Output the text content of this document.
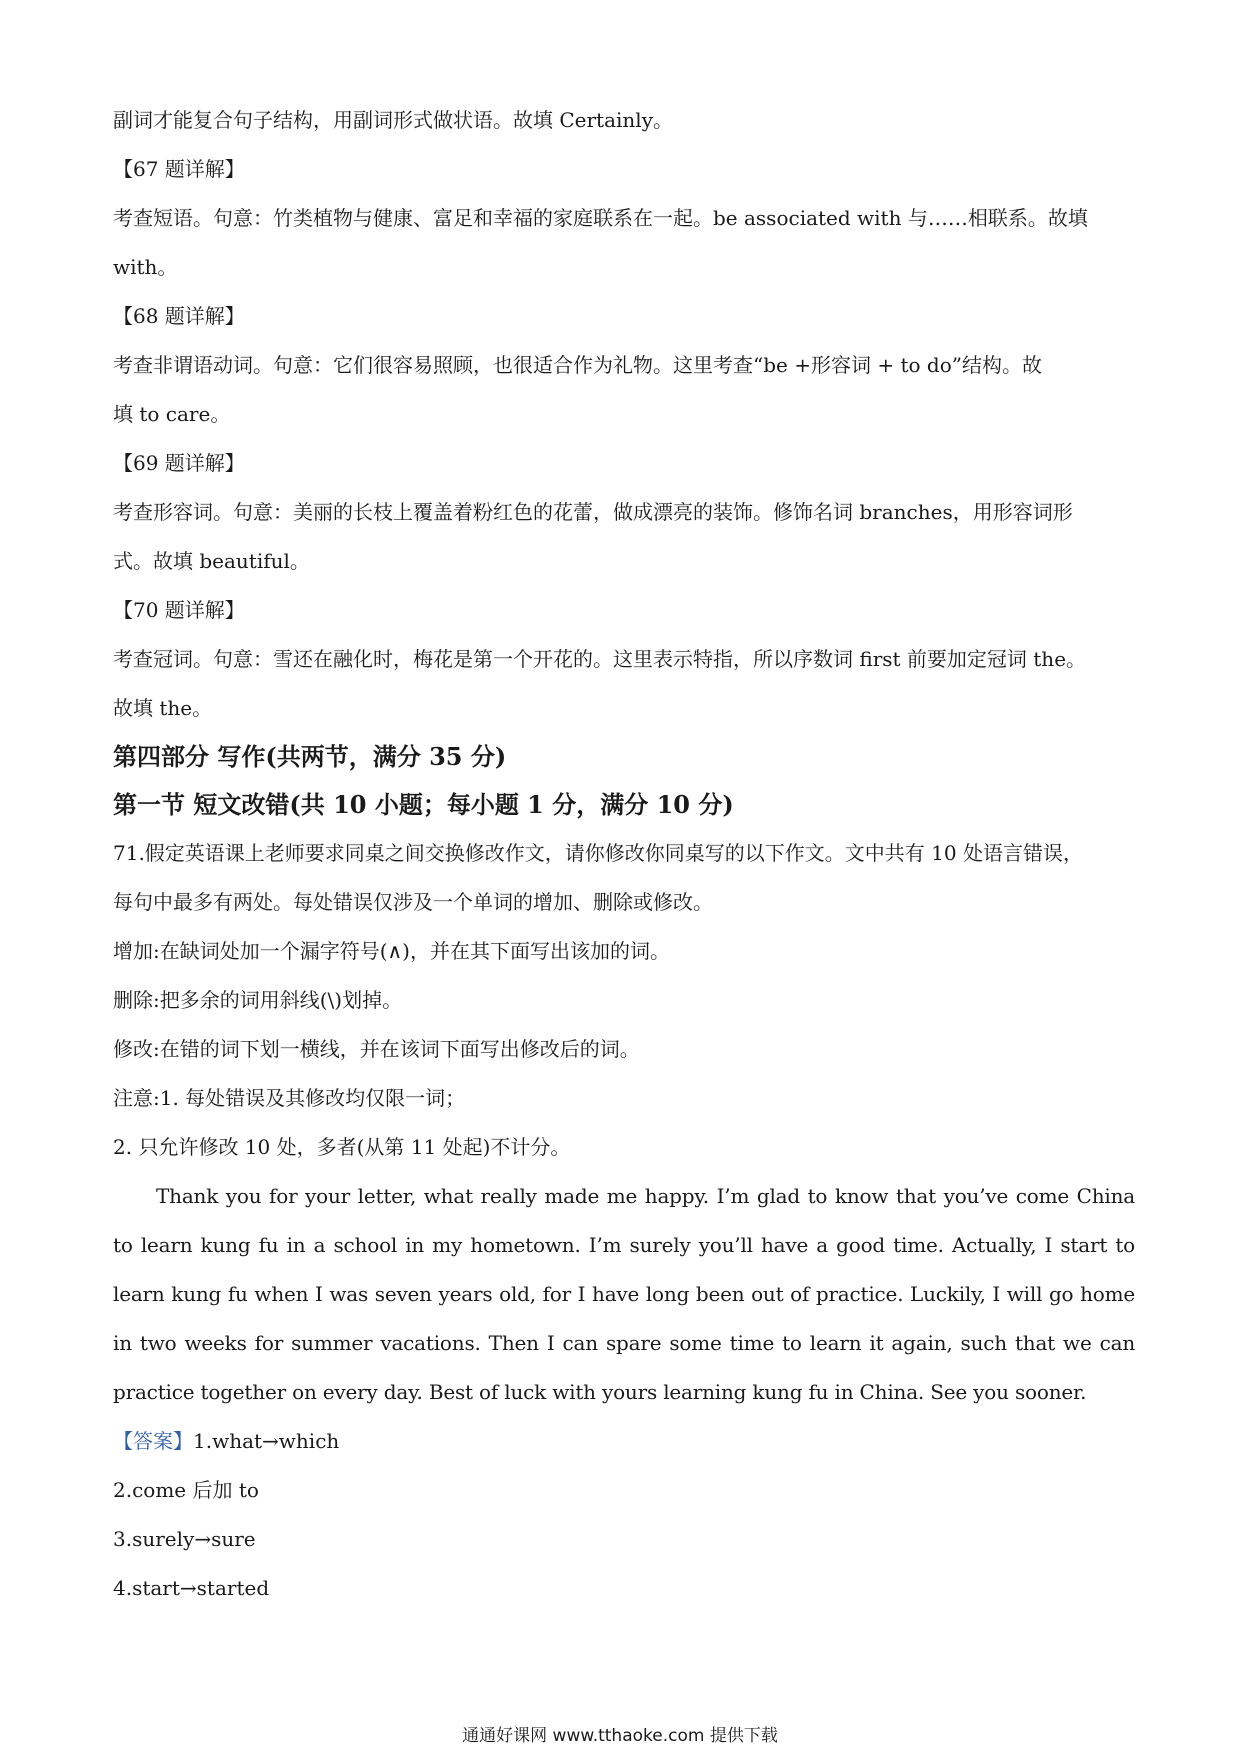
副词才能复合句子结构，用副词形式做状语。故填 Certainly。

【67 题详解】

考查短语。句意：竹类植物与健康、富足和幸福的家庭联系在一起。be associated with 与……相联系。故填

with。

【68 题详解】

考查非谓语动词。句意：它们很容易照顾，也很适合作为礼物。这里考查“be +形容词 + to do”结构。故

填 to care。

【69 题详解】

考查形容词。句意：美丽的长枝上覆盖着粉红色的花蕾，做成漂亮的装饰。修饰名词 branches，用形容词形

式。故填 beautiful。

【70 题详解】

考查冠词。句意：雪还在融化时，梅花是第一个开花的。这里表示特指，所以序数词 first 前要加定冠词 the。

故填 the。

第四部分 写作(共两节，满分 35 分)

第一节 短文改错(共 10 小题；每小题 1 分，满分 10 分)

71.假定英语课上老师要求同桌之间交换修改作文，请你修改你同桌写的以下作文。文中共有 10 处语言错误，

每句中最多有两处。每处错误仅涉及一个单词的增加、删除或修改。

增加:在缺词处加一个漏字符号(∧)，并在其下面写出该加的词。

删除:把多余的词用斜线(\)划掉。

修改:在错的词下划一横线，并在该词下面写出修改后的词。

注意:1. 每处错误及其修改均仅限一词；

2. 只允许修改 10 处，多者(从第 11 处起)不计分。

Thank you for your letter, what really made me happy. I’m glad to know that you’ve come China to learn kung fu in a school in my hometown. I’m surely you’ll have a good time. Actually, I start to learn kung fu when I was seven years old, for I have long been out of practice. Luckily, I will go home in two weeks for summer vacations. Then I can spare some time to learn it again, such that we can practice together on every day. Best of luck with yours learning kung fu in China. See you sooner.

【答案】1.what→which

2.come 后加 to

3.surely→sure

4.start→started

通通好课网 www.tthaoke.com 提供下载
